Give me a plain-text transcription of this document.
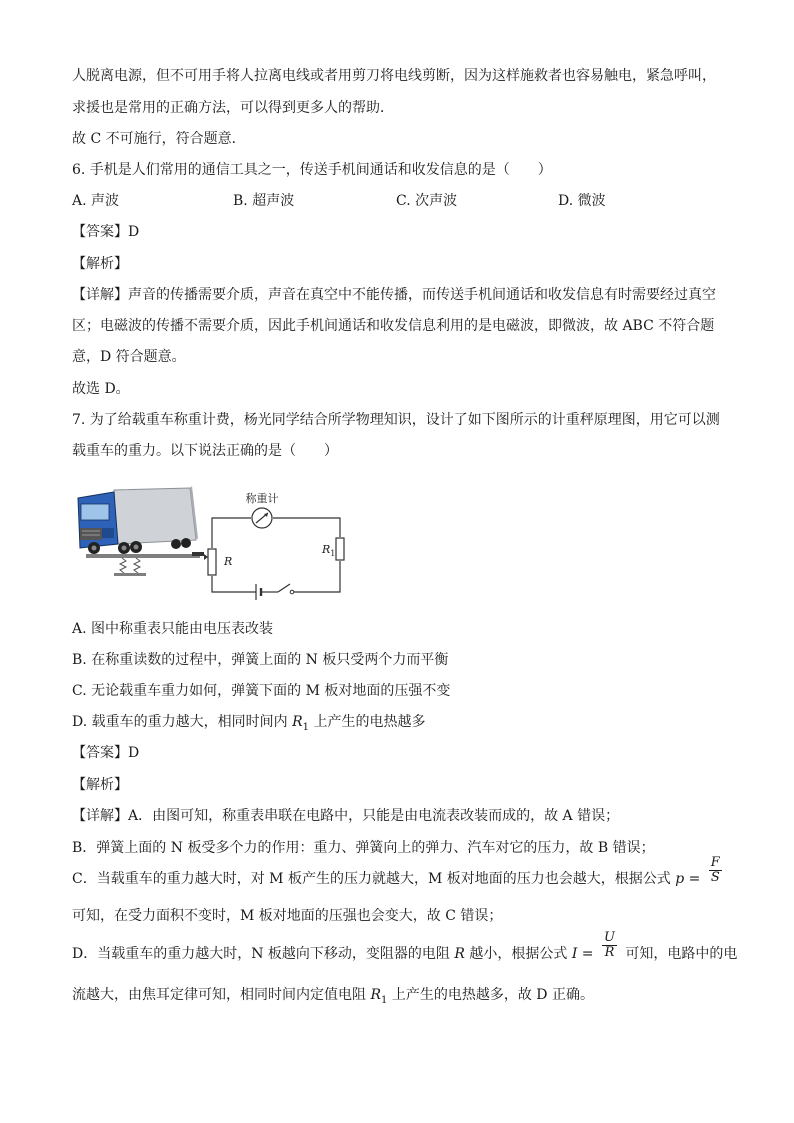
人脱离电源，但不可用手将人拉离电线或者用剪刀将电线剪断，因为这样施救者也容易触电，紧急呼叫，
求援也是常用的正确方法，可以得到更多人的帮助．
故 C 不可施行，符合题意．
6. 手机是人们常用的通信工具之一，传送手机间通话和收发信息的是（　　）
A. 声波	B. 超声波	C. 次声波	D. 微波
【答案】D
【解析】
【详解】声音的传播需要介质，声音在真空中不能传播，而传送手机间通话和收发信息有时需要经过真空
区；电磁波的传播不需要介质，因此手机间通话和收发信息利用的是电磁波，即微波，故 ABC 不符合题
意，D 符合题意。
故选 D。
7. 为了给载重车称重计费，杨光同学结合所学物理知识，设计了如下图所示的计重秤原理图，用它可以测
载重车的重力。以下说法正确的是（　　）
R
$R_1$
称重计
A. 图中称重表只能由电压表改装
B. 在称重读数的过程中，弹簧上面的 N 板只受两个力而平衡
C. 无论载重车重力如何，弹簧下面的 M 板对地面的压强不变
D. 载重车的重力越大，相同时间内 $R_1$ 上产生的电热越多
【答案】D
【解析】
【详解】A．由图可知，称重表串联在电路中，只能是由电流表改装而成的，故 A 错误；
B．弹簧上面的 N 板受多个力的作用：重力、弹簧向上的弹力、汽车对它的压力，故 B 错误；
C．当载重车的重力越大时，对 M 板产生的压力就越大，M 板对地面的压力也会越大，根据公式 $p = \frac{F}{S}$
可知，在受力面积不变时，M 板对地面的压强也会变大，故 C 错误；
D．当载重车的重力越大时，N 板越向下移动，变阻器的电阻 R 越小，根据公式 $I = \frac{U}{R}$ 可知，电路中的电
流越大，由焦耳定律可知，相同时间内定值电阻 $R_1$ 上产生的电热越多，故 D 正确。
